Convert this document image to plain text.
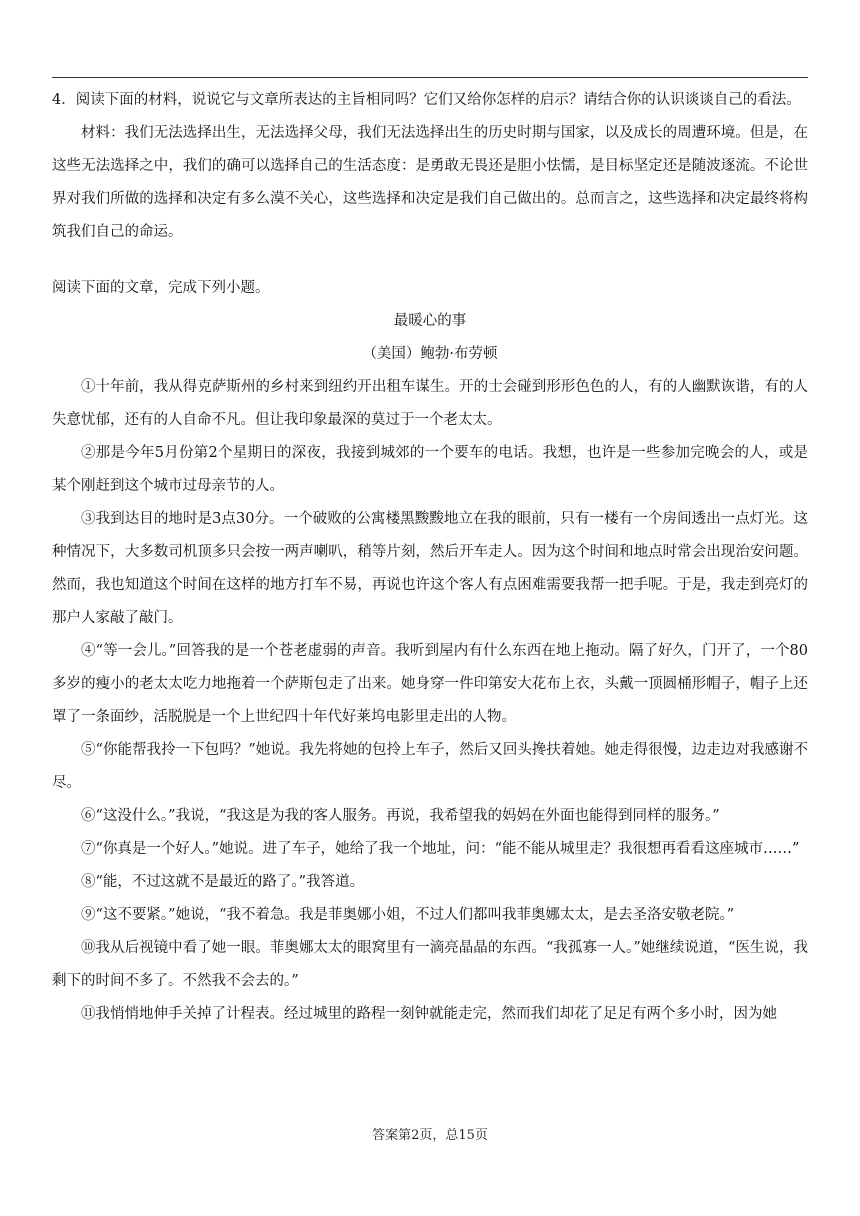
4．阅读下面的材料，说说它与文章所表达的主旨相同吗？它们又给你怎样的启示？请结合你的认识谈谈自己的看法。

材料：我们无法选择出生，无法选择父母，我们无法选择出生的历史时期与国家，以及成长的周遭环境。但是，在这些无法选择之中，我们的确可以选择自己的生活态度：是勇敢无畏还是胆小怯懦，是目标坚定还是随波逐流。不论世界对我们所做的选择和决定有多么漠不关心，这些选择和决定是我们自己做出的。总而言之，这些选择和决定最终将构筑我们自己的命运。

阅读下面的文章，完成下列小题。

最暖心的事

（美国）鲍勃·布劳顿

①十年前，我从得克萨斯州的乡村来到纽约开出租车谋生。开的士会碰到形形色色的人，有的人幽默诙谐，有的人失意忧郁，还有的人自命不凡。但让我印象最深的莫过于一个老太太。

②那是今年5月份第2个星期日的深夜，我接到城郊的一个要车的电话。我想，也许是一些参加完晚会的人，或是某个刚赶到这个城市过母亲节的人。

③我到达目的地时是3点30分。一个破败的公寓楼黑黢黢地立在我的眼前，只有一楼有一个房间透出一点灯光。这种情况下，大多数司机顶多只会按一两声喇叭，稍等片刻，然后开车走人。因为这个时间和地点时常会出现治安问题。然而，我也知道这个时间在这样的地方打车不易，再说也许这个客人有点困难需要我帮一把手呢。于是，我走到亮灯的那户人家敲了敲门。

④“等一会儿。”回答我的是一个苍老虚弱的声音。我听到屋内有什么东西在地上拖动。隔了好久，门开了，一个80多岁的瘦小的老太太吃力地拖着一个萨斯包走了出来。她身穿一件印第安大花布上衣，头戴一顶圆桶形帽子，帽子上还罩了一条面纱，活脱脱是一个上世纪四十年代好莱坞电影里走出的人物。

⑤“你能帮我拎一下包吗？”她说。我先将她的包拎上车子，然后又回头搀扶着她。她走得很慢，边走边对我感谢不尽。

⑥“这没什么。”我说，“我这是为我的客人服务。再说，我希望我的妈妈在外面也能得到同样的服务。”

⑦“你真是一个好人。”她说。进了车子，她给了我一个地址，问：“能不能从城里走？我很想再看看这座城市……”

⑧“能，不过这就不是最近的路了。”我答道。

⑨“这不要紧。”她说，“我不着急。我是菲奥娜小姐，不过人们都叫我菲奥娜太太，是去圣洛安敬老院。”

⑩我从后视镜中看了她一眼。菲奥娜太太的眼窝里有一滴亮晶晶的东西。“我孤寡一人。”她继续说道，“医生说，我剩下的时间不多了。不然我不会去的。”

⑪我悄悄地伸手关掉了计程表。经过城里的路程一刻钟就能走完，然而我们却花了足足有两个多小时，因为她

答案第2页，总15页
